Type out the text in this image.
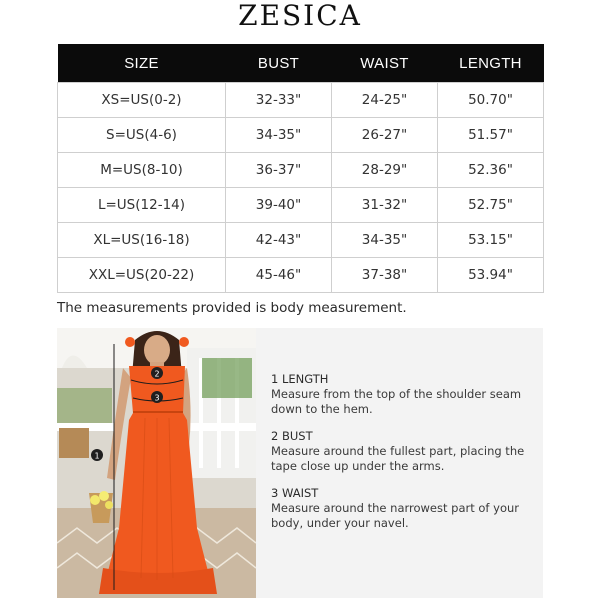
ZESICA
SIZE	BUST	WAIST	LENGTH
XS=US(0-2)	32-33"	24-25"	50.70"
S=US(4-6)	34-35"	26-27"	51.57"
M=US(8-10)	36-37"	28-29"	52.36"
L=US(12-14)	39-40"	31-32"	52.75"
XL=US(16-18)	42-43"	34-35"	53.15"
XXL=US(20-22)	45-46"	37-38"	53.94"
The measurements provided is body measurement.
1
2
3
1 LENGTH
Measure from the top of the shoulder seam down to the hem.
2 BUST
Measure around the fullest part, placing the tape close up under the arms.
3 WAIST
Measure around the narrowest part of your body, under your navel.
